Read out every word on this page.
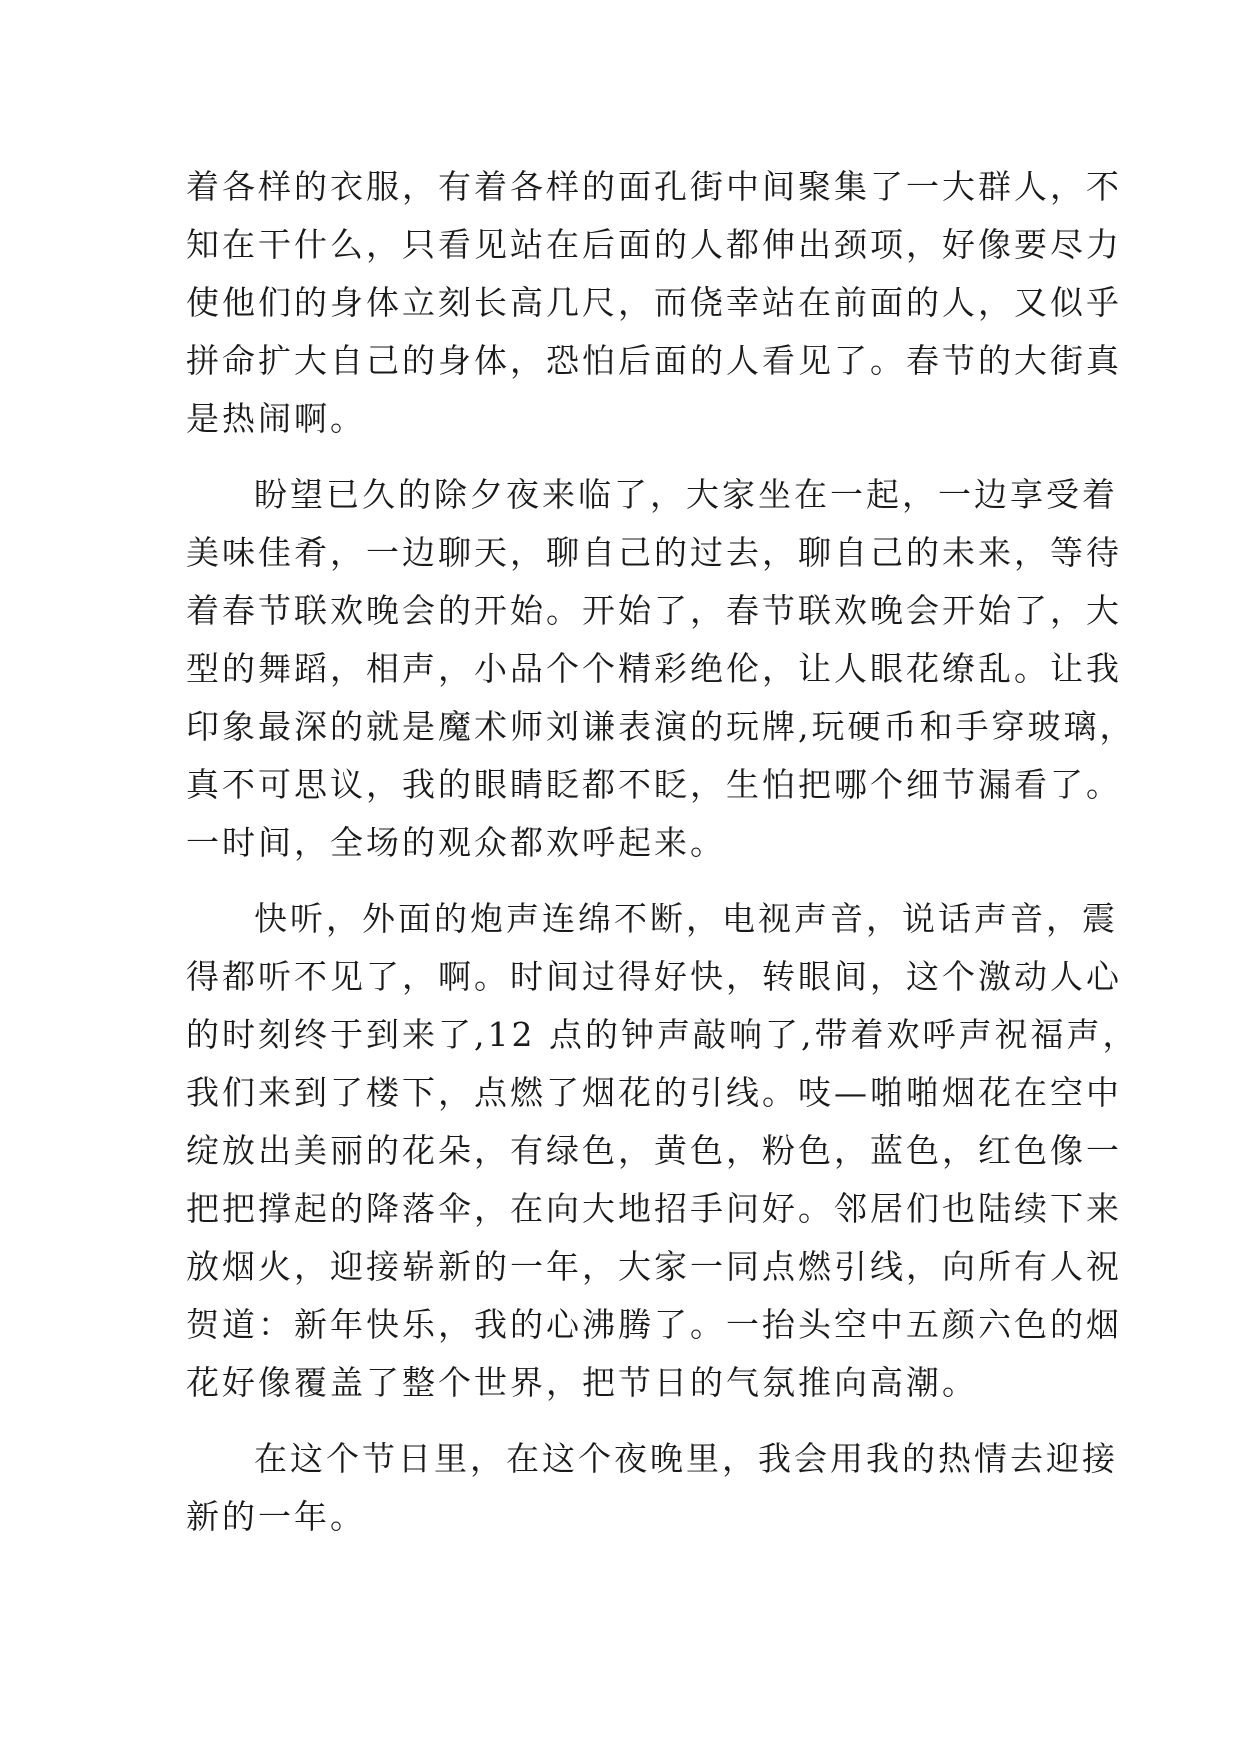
着各样的衣服，有着各样的面孔街中间聚集了一大群人，不
知在干什么，只看见站在后面的人都伸出颈项，好像要尽力
使他们的身体立刻长高几尺，而侥幸站在前面的人，又似乎
拼命扩大自己的身体，恐怕后面的人看见了。春节的大街真
是热闹啊。
盼望已久的除夕夜来临了，大家坐在一起，一边享受着
美味佳肴，一边聊天，聊自己的过去，聊自己的未来，等待
着春节联欢晚会的开始。开始了，春节联欢晚会开始了，大
型的舞蹈，相声，小品个个精彩绝伦，让人眼花缭乱。让我
印象最深的就是魔术师刘谦表演的玩牌,玩硬币和手穿玻璃，
真不可思议，我的眼睛眨都不眨，生怕把哪个细节漏看了。
一时间，全场的观众都欢呼起来。
快听，外面的炮声连绵不断，电视声音，说话声音，震
得都听不见了，啊。时间过得好快，转眼间，这个激动人心
的时刻终于到来了,12 点的钟声敲响了,带着欢呼声祝福声，
我们来到了楼下，点燃了烟花的引线。吱—啪啪烟花在空中
绽放出美丽的花朵，有绿色，黄色，粉色，蓝色，红色像一
把把撑起的降落伞，在向大地招手问好。邻居们也陆续下来
放烟火，迎接崭新的一年，大家一同点燃引线，向所有人祝
贺道：新年快乐，我的心沸腾了。一抬头空中五颜六色的烟
花好像覆盖了整个世界，把节日的气氛推向高潮。
在这个节日里，在这个夜晚里，我会用我的热情去迎接
新的一年。
